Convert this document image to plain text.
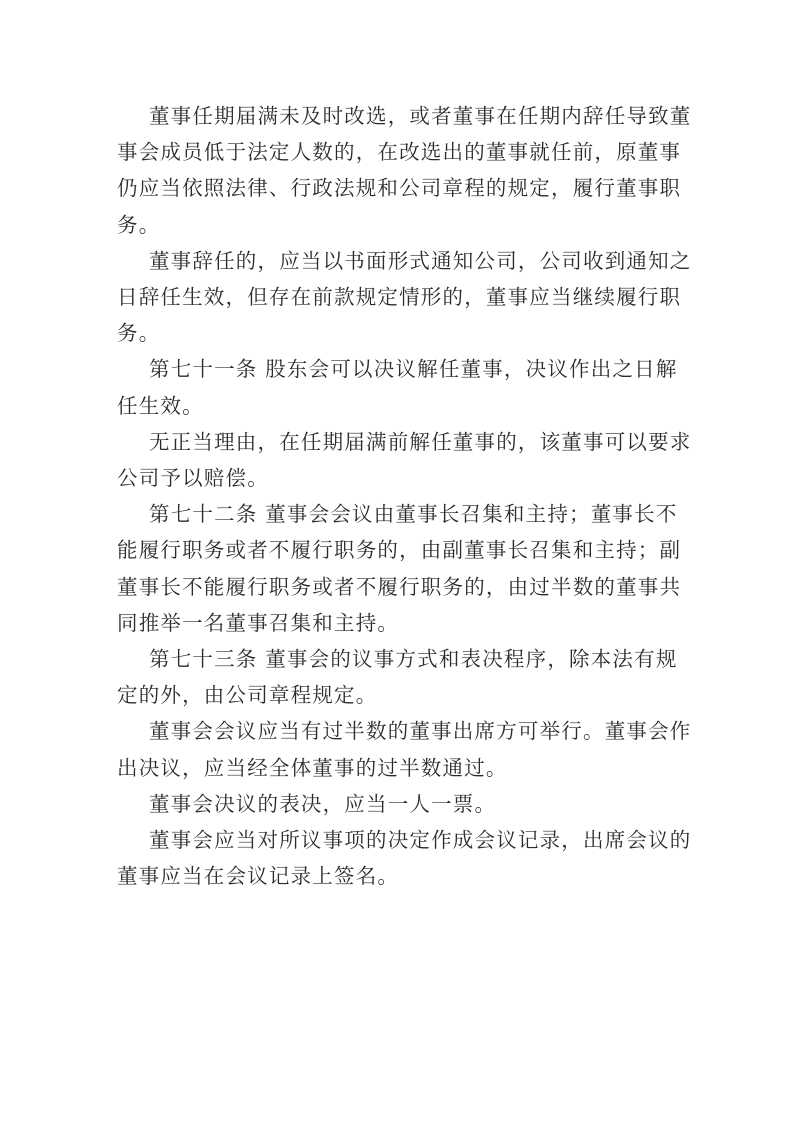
董事任期届满未及时改选，或者董事在任期内辞任导致董
事会成员低于法定人数的，在改选出的董事就任前，原董事
仍应当依照法律、行政法规和公司章程的规定，履行董事职
务。

董事辞任的，应当以书面形式通知公司，公司收到通知之
日辞任生效，但存在前款规定情形的，董事应当继续履行职
务。

第七十一条 股东会可以决议解任董事，决议作出之日解
任生效。

无正当理由，在任期届满前解任董事的，该董事可以要求
公司予以赔偿。

第七十二条 董事会会议由董事长召集和主持；董事长不
能履行职务或者不履行职务的，由副董事长召集和主持；副
董事长不能履行职务或者不履行职务的，由过半数的董事共
同推举一名董事召集和主持。

第七十三条 董事会的议事方式和表决程序，除本法有规
定的外，由公司章程规定。

董事会会议应当有过半数的董事出席方可举行。董事会作
出决议，应当经全体董事的过半数通过。

董事会决议的表决，应当一人一票。

董事会应当对所议事项的决定作成会议记录，出席会议的
董事应当在会议记录上签名。
